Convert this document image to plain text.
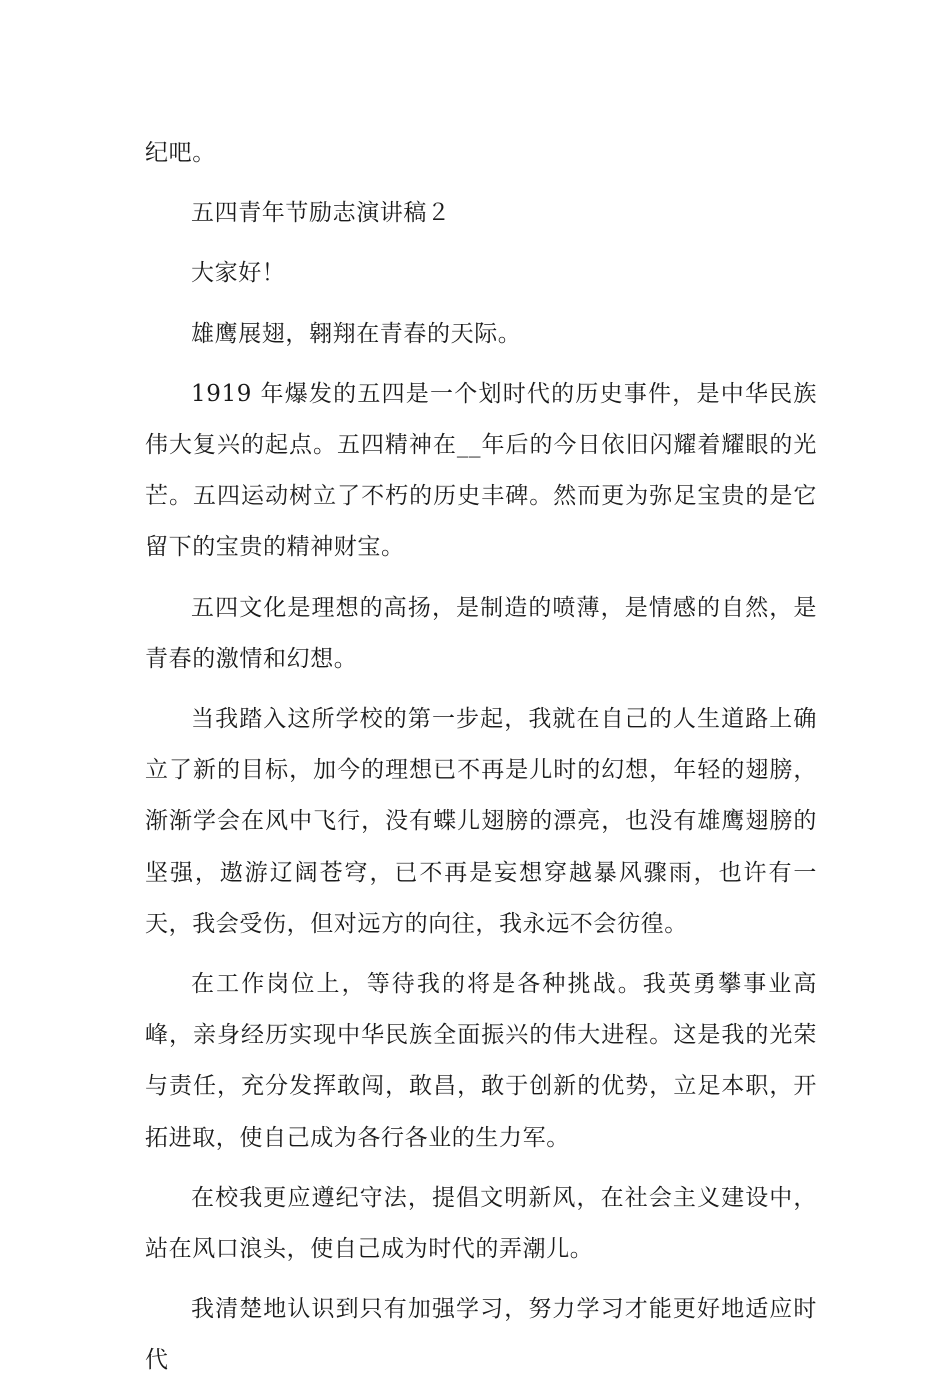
纪吧。

五四青年节励志演讲稿２

大家好！

雄鹰展翅，翱翔在青春的天际。

1919 年爆发的五四是一个划时代的历史事件，是中华民族伟大复兴的起点。五四精神在__年后的今日依旧闪耀着耀眼的光芒。五四运动树立了不朽的历史丰碑。然而更为弥足宝贵的是它留下的宝贵的精神财宝。

五四文化是理想的高扬，是制造的喷薄，是情感的自然，是青春的激情和幻想。

当我踏入这所学校的第一步起，我就在自己的人生道路上确立了新的目标，加今的理想已不再是儿时的幻想，年轻的翅膀，渐渐学会在风中飞行，没有蝶儿翅膀的漂亮，也没有雄鹰翅膀的坚强，遨游辽阔苍穹，已不再是妄想穿越暴风骤雨，也许有一天，我会受伤，但对远方的向往，我永远不会彷徨。

在工作岗位上，等待我的将是各种挑战。我英勇攀事业高峰，亲身经历实现中华民族全面振兴的伟大进程。这是我的光荣与责任，充分发挥敢闯，敢昌，敢于创新的优势，立足本职，开拓进取，使自己成为各行各业的生力军。

在校我更应遵纪守法，提倡文明新风，在社会主义建设中，站在风口浪头，使自己成为时代的弄潮儿。

我清楚地认识到只有加强学习，努力学习才能更好地适应时代
